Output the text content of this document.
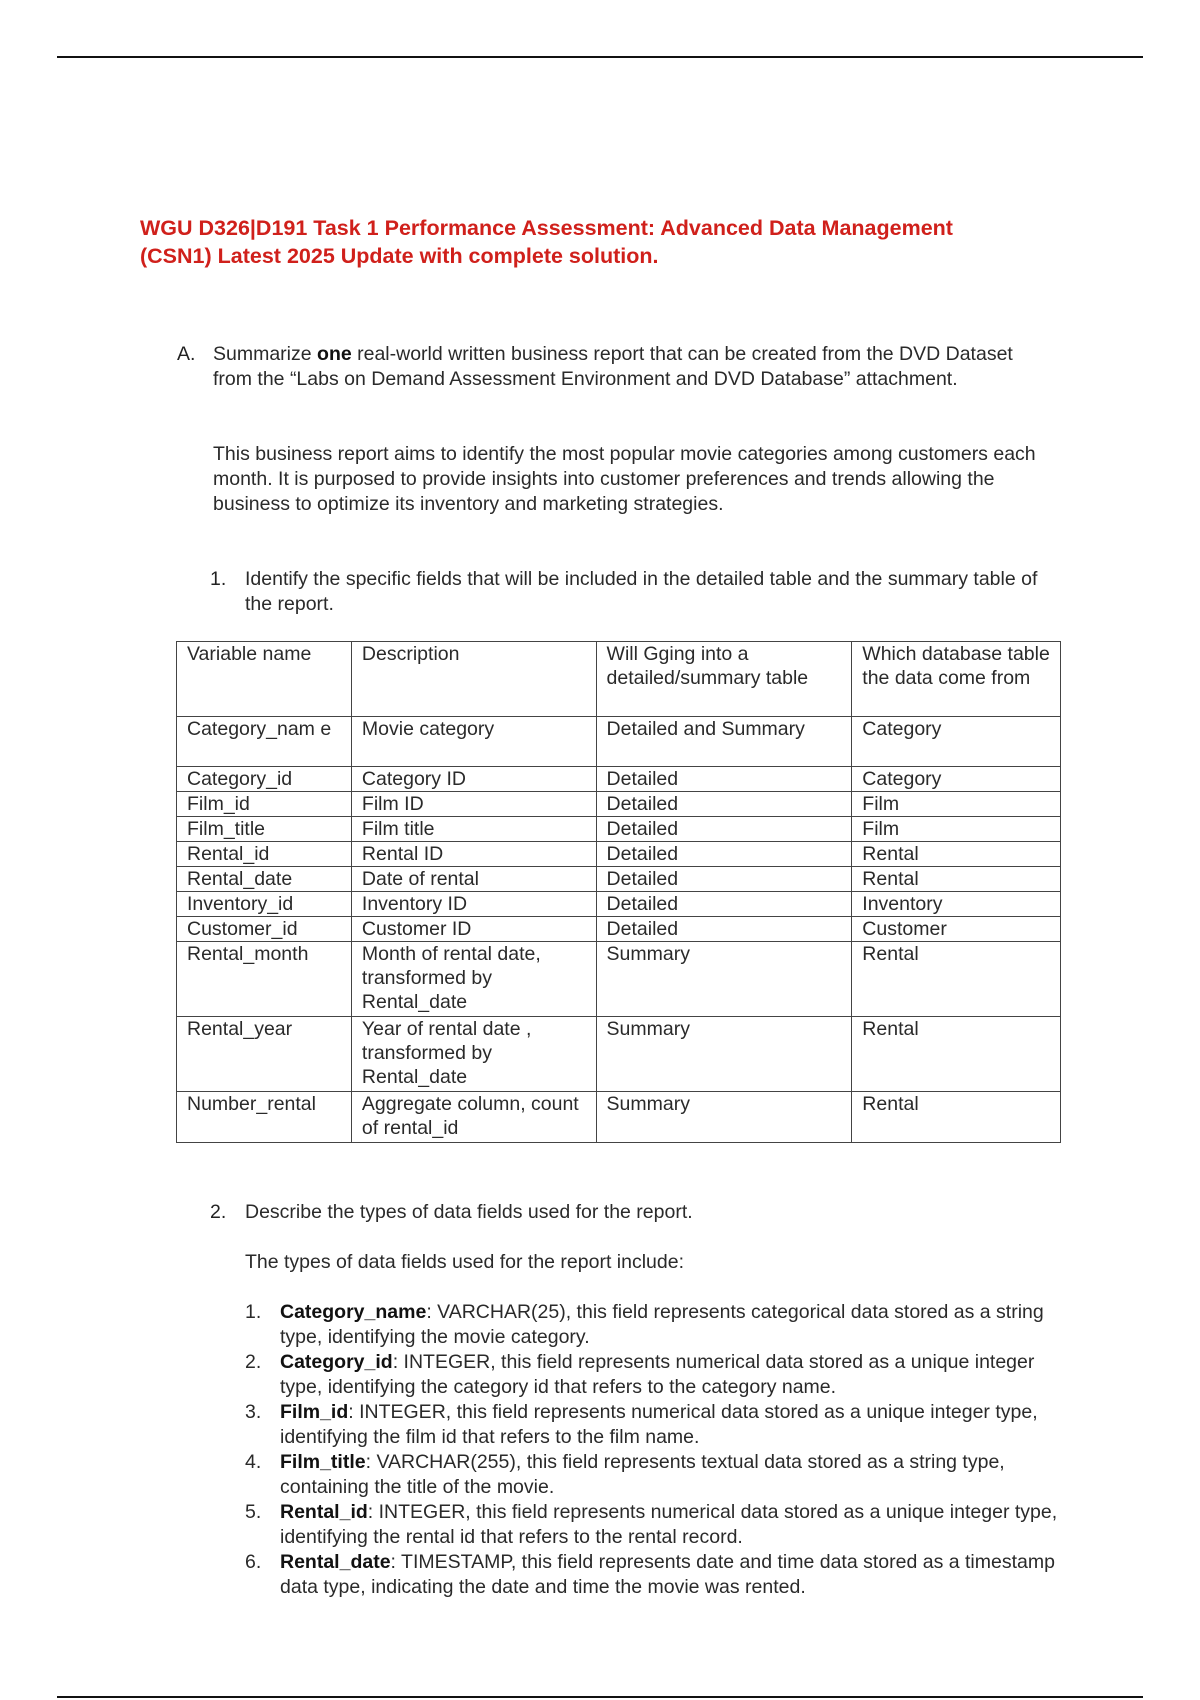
WGU D326|D191 Task 1 Performance Assessment: Advanced Data Management (CSN1) Latest 2025 Update with complete solution.
A. Summarize one real-world written business report that can be created from the DVD Dataset from the “Labs on Demand Assessment Environment and DVD Database” attachment.
This business report aims to identify the most popular movie categories among customers each month. It is purposed to provide insights into customer preferences and trends allowing the business to optimize its inventory and marketing strategies.
1. Identify the specific fields that will be included in the detailed table and the summary table of the report.
Variable name	Description	Will Gging into a detailed/summary table	Which database table the data come from
Category_nam e	Movie category	Detailed and Summary	Category
Category_id	Category ID	Detailed	Category
Film_id	Film ID	Detailed	Film
Film_title	Film title	Detailed	Film
Rental_id	Rental ID	Detailed	Rental
Rental_date	Date of rental	Detailed	Rental
Inventory_id	Inventory ID	Detailed	Inventory
Customer_id	Customer ID	Detailed	Customer
Rental_month	Month of rental date, transformed by Rental_date	Summary	Rental
Rental_year	Year of rental date , transformed by Rental_date	Summary	Rental
Number_rental	Aggregate column, count of rental_id	Summary	Rental
2. Describe the types of data fields used for the report.
The types of data fields used for the report include:
1. Category_name: VARCHAR(25), this field represents categorical data stored as a string type, identifying the movie category.
2. Category_id: INTEGER, this field represents numerical data stored as a unique integer type, identifying the category id that refers to the category name.
3. Film_id: INTEGER, this field represents numerical data stored as a unique integer type, identifying the film id that refers to the film name.
4. Film_title: VARCHAR(255), this field represents textual data stored as a string type, containing the title of the movie.
5. Rental_id: INTEGER, this field represents numerical data stored as a unique integer type, identifying the rental id that refers to the rental record.
6. Rental_date: TIMESTAMP, this field represents date and time data stored as a timestamp data type, indicating the date and time the movie was rented.
